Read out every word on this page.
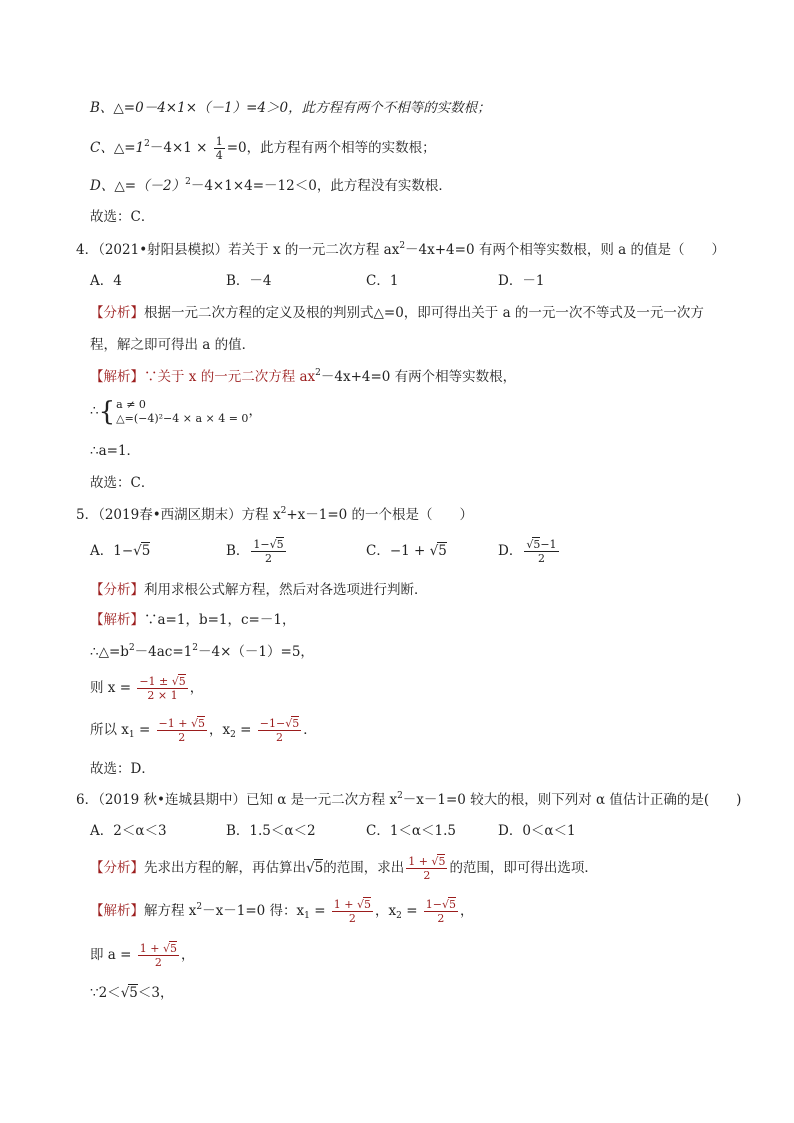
B、△=0－4×1×（－1）=4＞0，此方程有两个不相等的实数根；
C、$\triangle=1^2-4\times 1 \times \frac{1}{4} =0$，此方程有两个相等的实数根；
D、$\triangle=(-2)^2-4\times 1\times 4=-12<0$，此方程没有实数根．
故选：C．
4．（2021•射阳县模拟）若关于 x 的一元二次方程 $ax^2-4x+4=0$ 有两个相等实数根，则 a 的值是（　　）
A．4	B．－4	C．1	D．－1
【分析】根据一元二次方程的定义及根的判别式△=0，即可得出关于 a 的一元一次不等式及一元一次方
程，解之即可得出 a 的值．
【解析】∵关于 x 的一元二次方程 $ax^2-4x+4=0$ 有两个相等实数根，
∴ { a ≠ 0
△=(−4)²−4 × a × 4 = 0 ，
∴a=1．
故选：C．
5．（2019春•西湖区期末）方程 $x^2+x-1=0$ 的一个根是（　　）
A．1−√5	B． $\frac{1-√5}{2}$	C．−1 + √5	D． $\frac{√5-1}{2}$
【分析】利用求根公式解方程，然后对各选项进行判断．
【解析】∵a=1，b=1，c=－1，
$\therefore\triangle=b^2-4ac=1^2-4\times(-1)=5$，
则 $x = \frac{-1 \pm √5}{2 \times 1}$ ，
所以 $x_1 = \frac{-1 + √5}{2}$ ，$x_2 = \frac{-1-√5}{2}$ ．
故选：D．
6．（2019 秋•连城县期中）已知 α 是一元二次方程 $x^2-x-1=0$ 较大的根，则下列对 α 值估计正确的是(　　)
A．2＜α＜3	B．1.5＜α＜2	C．1＜α＜1.5	D．0＜α＜1
【分析】先求出方程的解，再估算出√5的范围，求出 $\frac{1 + √5}{2}$ 的范围，即可得出选项．
【解析】解方程 $x^2-x-1=0$ 得：$x_1 = \frac{1 + √5}{2}$ ，$x_2 = \frac{1-√5}{2}$ ，
即 $a = \frac{1 + √5}{2}$ ，
∵2＜√5＜3，
